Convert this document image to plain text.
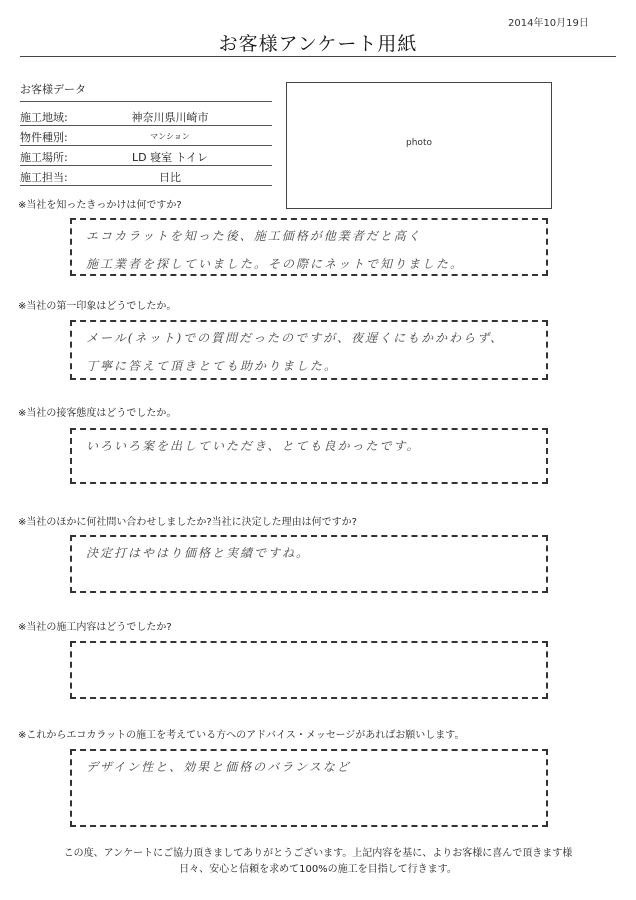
2014年10月19日
お客様アンケート用紙
お客様データ
施工地域:	神奈川県川崎市
物件種別:	マンション
施工場所:	LD 寝室 トイレ
施工担当:	日比
photo
※当社を知ったきっかけは何ですか?
エコカラットを知った後、施工価格が他業者だと高く
施工業者を探していました。その際にネットで知りました。
※当社の第一印象はどうでしたか。
メール(ネット)での質問だったのですが、夜遅くにもかかわらず、
丁寧に答えて頂きとても助かりました。
※当社の接客態度はどうでしたか。
いろいろ案を出していただき、とても良かったです。
※当社のほかに何社問い合わせしましたか?当社に決定した理由は何ですか?
決定打はやはり価格と実績ですね。
※当社の施工内容はどうでしたか?
※これからエコカラットの施工を考えている方へのアドバイス・メッセージがあればお願いします。
デザイン性と、効果と価格のバランスなど
この度、アンケートにご協力頂きましてありがとうございます。上記内容を基に、よりお客様に喜んで頂きます様
日々、安心と信頼を求めて100%の施工を目指して行きます。
